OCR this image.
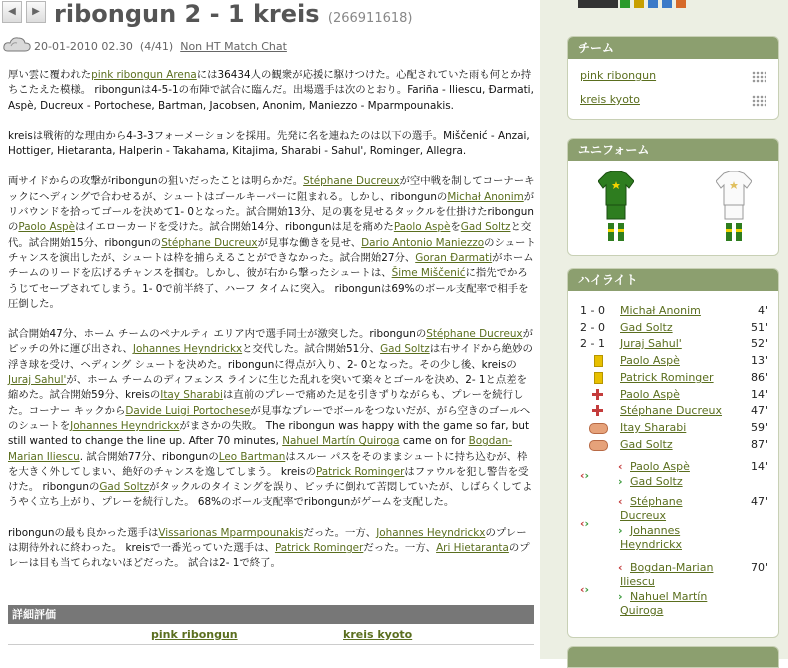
◀	▶ ribongun 2 - 1 kreis (266911618)
20-01-2010 02.30 (4/41) Non HT Match Chat

厚い雲に覆われたpink ribongun Arenaには36434人の観衆が応援に駆けつけた。心配されていた雨も何とか持ちこたえた模様。 ribongunは4-5-1の布陣で試合に臨んだ。出場選手は次のとおり。Fariña - Iliescu, Đarmati, Aspè, Ducreux - Portochese, Bartman, Jacobsen, Anonim, Maniezzo - Mparmpounakis.

kreisは戦術的な理由から4-3-3フォーメーションを採用。先発に名を連ねたのは以下の選手。Miščenić - Anzai, Hottiger, Hietaranta, Halperin - Takahama, Kitajima, Sharabi - Sahul', Rominger, Allegra.

両サイドからの攻撃がribongunの狙いだったことは明らかだ。Stéphane Ducreuxが空中戦を制してコーナーキックにヘディングで合わせるが、シュートはゴールキーパーに阻まれる。しかし、ribongunのMichał Anonimがリバウンドを拾ってゴールを決めて1- 0となった。試合開始13分、足の裏を見せるタックルを仕掛けたribongunのPaolo Aspèはイエローカードを受けた。試合開始14分、ribongunは足を痛めたPaolo AspèをGad Soltzと交代。試合開始15分、ribongunのStéphane Ducreuxが見事な働きを見せ、Dario Antonio Maniezzoのシュート チャンスを演出したが、シュートは枠を捕らえることができなかった。試合開始27分、Goran Đarmatiがホーム チームのリードを広げるチャンスを掴む。しかし、彼が右から撃ったシュートは、Šime Miščenićに指先でかろうじてセーブされてしまう。1- 0で前半終了、ハーフ タイムに突入。 ribongunは69%のボール支配率で相手を圧倒した。

試合開始47分、ホーム チームのペナルティ エリア内で選手同士が激突した。ribongunのStéphane Ducreuxがピッチの外に運び出され、Johannes Heyndrickxと交代した。試合開始51分、Gad Soltzは右サイドから絶妙の浮き球を受け、ヘディング シュートを決めた。ribongunに得点が入り、2- 0となった。その少し後、kreisのJuraj Sahul'が、ホーム チームのディフェンス ラインに生じた乱れを突いて楽々とゴールを決め、2- 1と点差を縮めた。試合開始59分、kreisのItay Sharabiは直前のプレーで痛めた足を引きずりながらも、プレーを続行した。コーナー キックからDavide Luigi Portocheseが見事なプレーでボールをつないだが、がら空きのゴールへのシュートをJohannes Heyndrickxがまさかの失敗。 The ribongun was happy with the game so far, but still wanted to change the line up. After 70 minutes, Nahuel Martín Quiroga came on for Bogdan-Marian Iliescu. 試合開始77分、ribongunのLeo Bartmanはスルー パスをそのままシュートに持ち込むが、枠を大きく外してしまい、絶好のチャンスを逸してしまう。 kreisのPatrick Romingerはファウルを犯し警告を受けた。 ribongunのGad Soltzがタックルのタイミングを誤り、ピッチに倒れて苦悶していたが、しばらくしてようやく立ち上がり、プレーを続行した。 68%のボール支配率でribongunがゲームを支配した。

ribongunの最も良かった選手はVissarionas Mparmpounakisだった。一方、Johannes Heyndrickxのプレーは期待外れに終わった。 kreisで一番光っていた選手は、Patrick Romingerだった。一方、Ari Hietarantaのプレーは目も当てられないほどだった。 試合は2- 1で終了。

詳細評価
pink ribongun	kreis kyoto
チーム
pink ribongun
kreis kyoto
ユニフォーム
ハイライト
1 - 0 Michał Anonim	4'
2 - 0 Gad Soltz	51'
2 - 1 Juraj Sahul'	52'
Paolo Aspè	13'
Patrick Rominger	86'
Paolo Aspè	14'
Stéphane Ducreux	47'
Itay Sharabi	59'
Gad Soltz	87'
‹›
‹ Paolo Aspè	14'
› Gad Soltz
‹›
‹ Stéphane Ducreux
47'
› Johannes Heyndrickx
‹›
‹ Bogdan-Marian Iliescu
70'
› Nahuel Martín Quiroga
